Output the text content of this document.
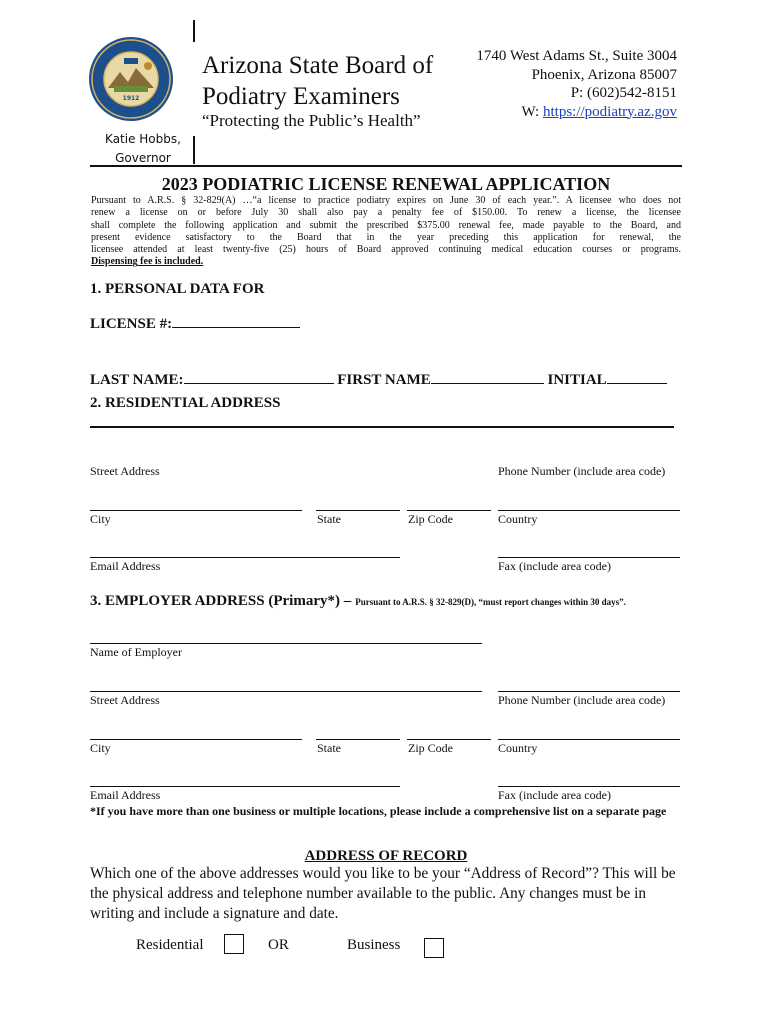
1912
Arizona State Board of
Podiatry Examiners
“Protecting the Public’s Health”
Katie Hobbs,
Governor
1740 West Adams St., Suite 3004
Phoenix, Arizona 85007
P: (602)542-8151
W: https://podiatry.az.gov
2023 PODIATRIC LICENSE RENEWAL APPLICATION
Pursuant to A.R.S. § 32-829(A) …“a license to practice podiatry expires on June 30 of each year.”. A licensee who does not
renew a license on or before July 30 shall also pay a penalty fee of $150.00. To renew a license, the licensee
shall complete the following application and submit the prescribed $375.00 renewal fee, made payable to the Board, and
present evidence satisfactory to the Board that in the year preceding this application for renewal, the
licensee attended at least twenty-five (25) hours of Board approved continuing medical education courses or programs.
Dispensing fee is included.
1. PERSONAL DATA FOR
LICENSE #:
LAST NAME:	FIRST NAME	INITIAL
2. RESIDENTIAL ADDRESS
Street Address	Phone Number (include area code)
City	State	Zip Code	Country
Email Address	Fax (include area code)
3. EMPLOYER ADDRESS (Primary*) – Pursuant to A.R.S. § 32-829(D), “must report changes within 30 days”.
Name of Employer
Street Address	Phone Number (include area code)
City	State	Zip Code	Country
Email Address	Fax (include area code)
*If you have more than one business or multiple locations, please include a comprehensive list on a separate page
ADDRESS OF RECORD
Which one of the above addresses would you like to be your “Address of Record”? This will be the physical address and telephone number available to the public. Any changes must be in writing and include a signature and date.
Residential	OR	Business
